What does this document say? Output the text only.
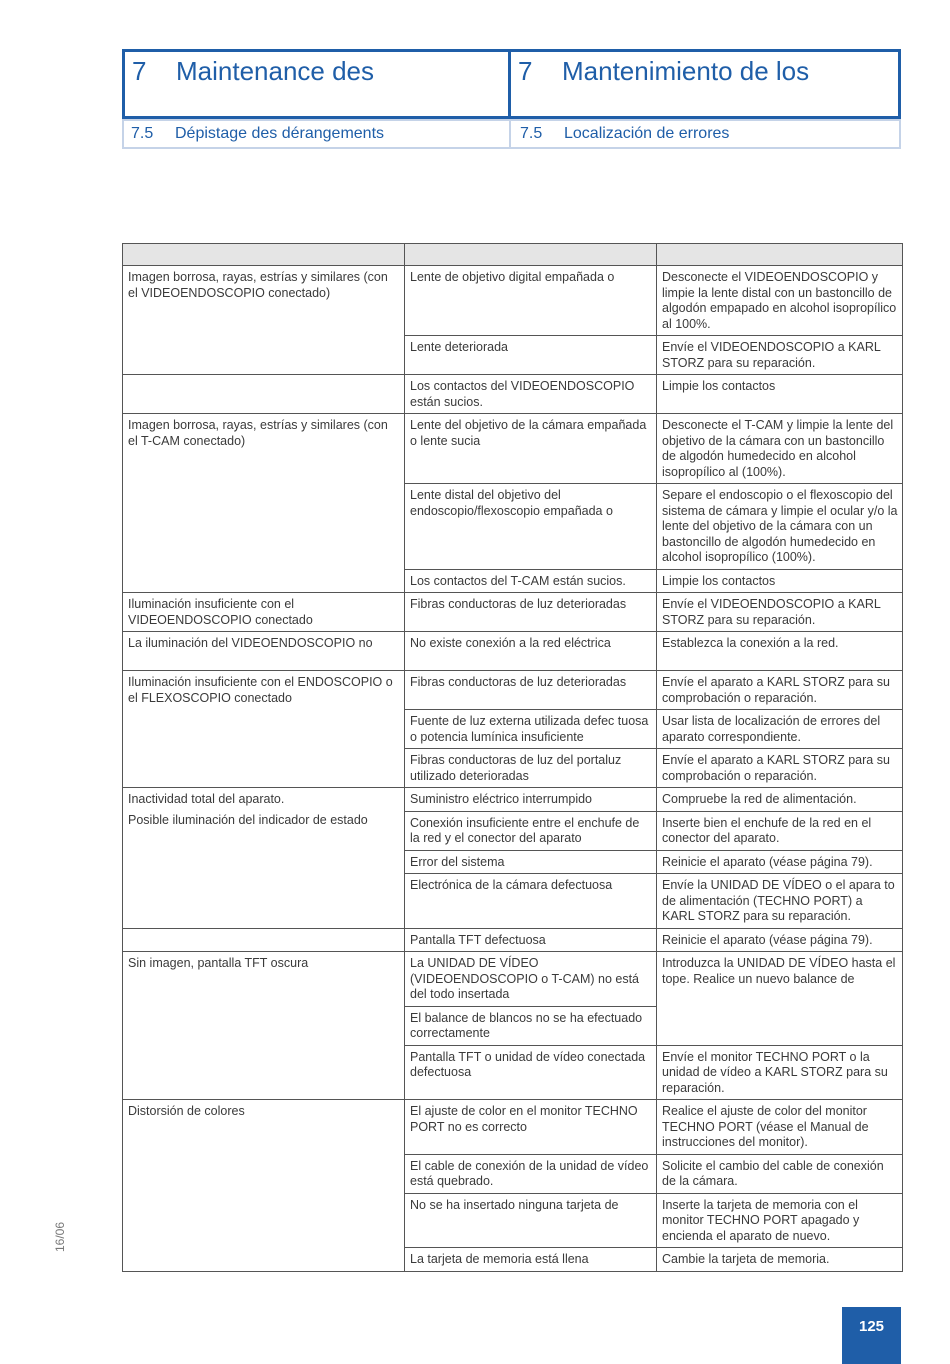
7 Maintenance des	7 Mantenimiento de los
7.5 Dépistage des dérangements	7.5 Localización de errores

Imagen borrosa, rayas, estrías y similares (con el VIDEOENDOSCOPIO conectado)	Lente de objetivo digital empañada o	Desconecte el VIDEOENDOSCOPIO y limpie la lente distal con un bastoncillo de algodón empapado en alcohol isopropílico al 100%.
	Lente deteriorada	Envíe el VIDEOENDOSCOPIO a KARL STORZ para su reparación.
	Los contactos del VIDEOENDOSCOPIO están sucios.	Limpie los contactos
Imagen borrosa, rayas, estrías y similares (con el T-CAM conectado)	Lente del objetivo de la cámara empañada o lente sucia	Desconecte el T-CAM y limpie la lente del objetivo de la cámara con un bastoncillo de algodón humedecido en alcohol isopropílico al (100%).
	Lente distal del objetivo del endoscopio/flexoscopio empañada o	Separe el endoscopio o el flexoscopio del sistema de cámara y limpie el ocular y/o la lente del objetivo de la cámara con un bastoncillo de algodón humedecido en alcohol isopropílico (100%).
	Los contactos del T-CAM están sucios.	Limpie los contactos
Iluminación insuficiente con el VIDEOENDOSCOPIO conectado	Fibras conductoras de luz deterioradas	Envíe el VIDEOENDOSCOPIO a KARL STORZ para su reparación.
La iluminación del VIDEOENDOSCOPIO no	No existe conexión a la red eléctrica	Establezca la conexión a la red.
Iluminación insuficiente con el ENDOSCOPIO o el FLEXOSCOPIO conectado	Fibras conductoras de luz deterioradas	Envíe el aparato a KARL STORZ para su comprobación o reparación.
	Fuente de luz externa utilizada defec tuosa o potencia lumínica insuficiente	Usar lista de localización de errores del aparato correspondiente.
	Fibras conductoras de luz del portaluz utilizado deterioradas	Envíe el aparato a KARL STORZ para su comprobación o reparación.

Inactividad total del aparato.
Posible iluminación del indicador de estado	Suministro eléctrico interrumpido	Compruebe la red de alimentación.
	Conexión insuficiente entre el enchufe de la red y el conector del aparato	Inserte bien el enchufe de la red en el conector del aparato.
	Error del sistema	Reinicie el aparato (véase página 79).
	Electrónica de la cámara defectuosa	Envíe la UNIDAD DE VÍDEO o el apara to de alimentación (TECHNO PORT) a KARL STORZ para su reparación.
	Pantalla TFT defectuosa	Reinicie el aparato (véase página 79).
Sin imagen, pantalla TFT oscura	La UNIDAD DE VÍDEO (VIDEOENDOSCOPIO o T-CAM) no está del todo insertada	Introduzca la UNIDAD DE VÍDEO hasta el tope. Realice un nuevo balance de
	El balance de blancos no se ha efectuado correctamente	
	Pantalla TFT o unidad de vídeo conectada defectuosa	Envíe el monitor TECHNO PORT o la unidad de vídeo a KARL STORZ para su reparación.
Distorsión de colores	El ajuste de color en el monitor TECHNO PORT no es correcto	Realice el ajuste de color del monitor TECHNO PORT (véase el Manual de instrucciones del monitor).
	El cable de conexión de la unidad de vídeo está quebrado.	Solicite el cambio del cable de conexión de la cámara.
	No se ha insertado ninguna tarjeta de	Inserte la tarjeta de memoria con el monitor TECHNO PORT apagado y encienda el aparato de nuevo.
	La tarjeta de memoria está llena	Cambie la tarjeta de memoria.
16/06
125
